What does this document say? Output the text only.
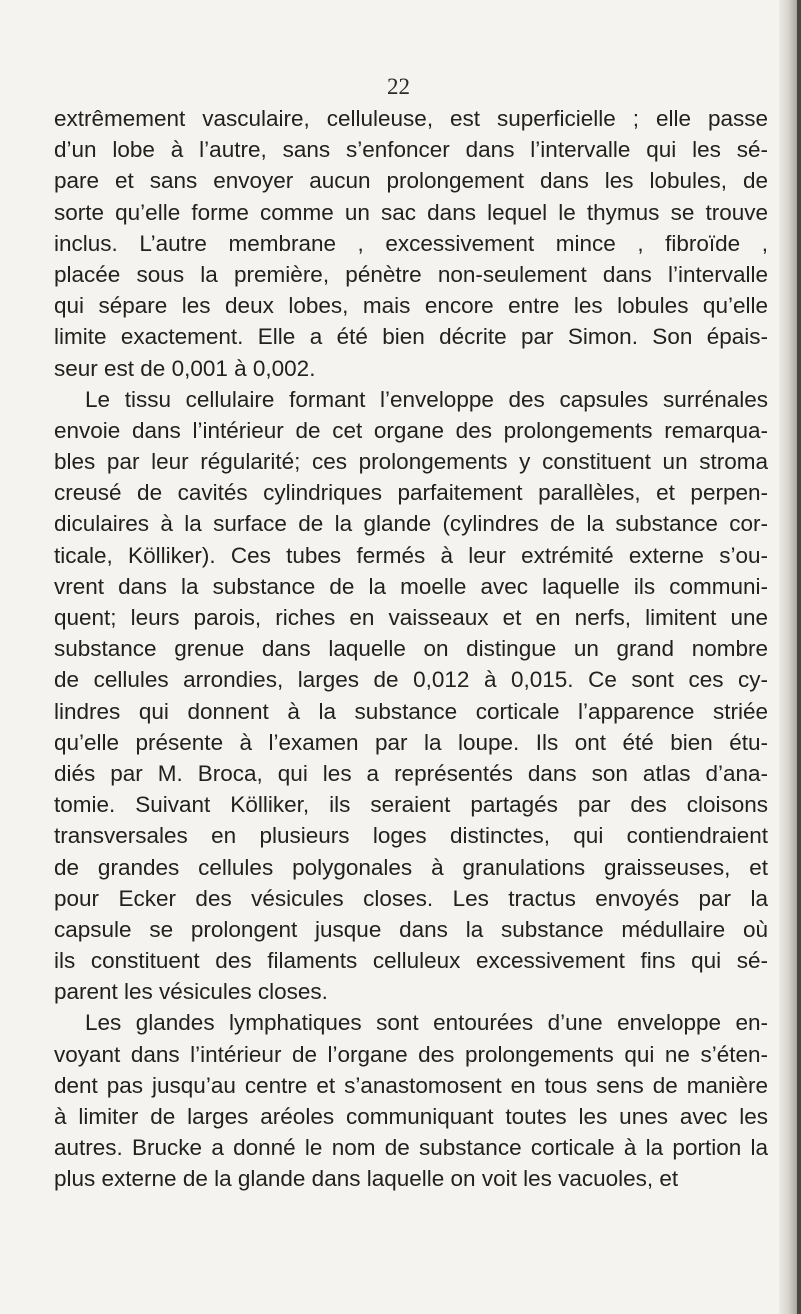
22
extrêmement vasculaire, celluleuse, est superficielle ; elle passe
d’un lobe à l’autre, sans s’enfoncer dans l’intervalle qui les sé-
pare et sans envoyer aucun prolongement dans les lobules, de
sorte qu’elle forme comme un sac dans lequel le thymus se trouve
inclus. L’autre membrane , excessivement mince , fibroïde ,
placée sous la première, pénètre non-seulement dans l’intervalle
qui sépare les deux lobes, mais encore entre les lobules qu’elle
limite exactement. Elle a été bien décrite par Simon. Son épais-
seur est de 0,001 à 0,002.
Le tissu cellulaire formant l’enveloppe des capsules surrénales
envoie dans l’intérieur de cet organe des prolongements remarqua-
bles par leur régularité; ces prolongements y constituent un stroma
creusé de cavités cylindriques parfaitement parallèles, et perpen-
diculaires à la surface de la glande (cylindres de la substance cor-
ticale, Kölliker). Ces tubes fermés à leur extrémité externe s’ou-
vrent dans la substance de la moelle avec laquelle ils communi-
quent; leurs parois, riches en vaisseaux et en nerfs, limitent une
substance grenue dans laquelle on distingue un grand nombre
de cellules arrondies, larges de 0,012 à 0,015. Ce sont ces cy-
lindres qui donnent à la substance corticale l’apparence striée
qu’elle présente à l’examen par la loupe. Ils ont été bien étu-
diés par M. Broca, qui les a représentés dans son atlas d’ana-
tomie. Suivant Kölliker, ils seraient partagés par des cloisons
transversales en plusieurs loges distinctes, qui contiendraient
de grandes cellules polygonales à granulations graisseuses, et
pour Ecker des vésicules closes. Les tractus envoyés par la
capsule se prolongent jusque dans la substance médullaire où
ils constituent des filaments celluleux excessivement fins qui sé-
parent les vésicules closes.
Les glandes lymphatiques sont entourées d’une enveloppe en-
voyant dans l’intérieur de l’organe des prolongements qui ne s’éten-
dent pas jusqu’au centre et s’anastomosent en tous sens de manière
à limiter de larges aréoles communiquant toutes les unes avec les
autres. Brucke a donné le nom de substance corticale à la portion la
plus externe de la glande dans laquelle on voit les vacuoles, et
